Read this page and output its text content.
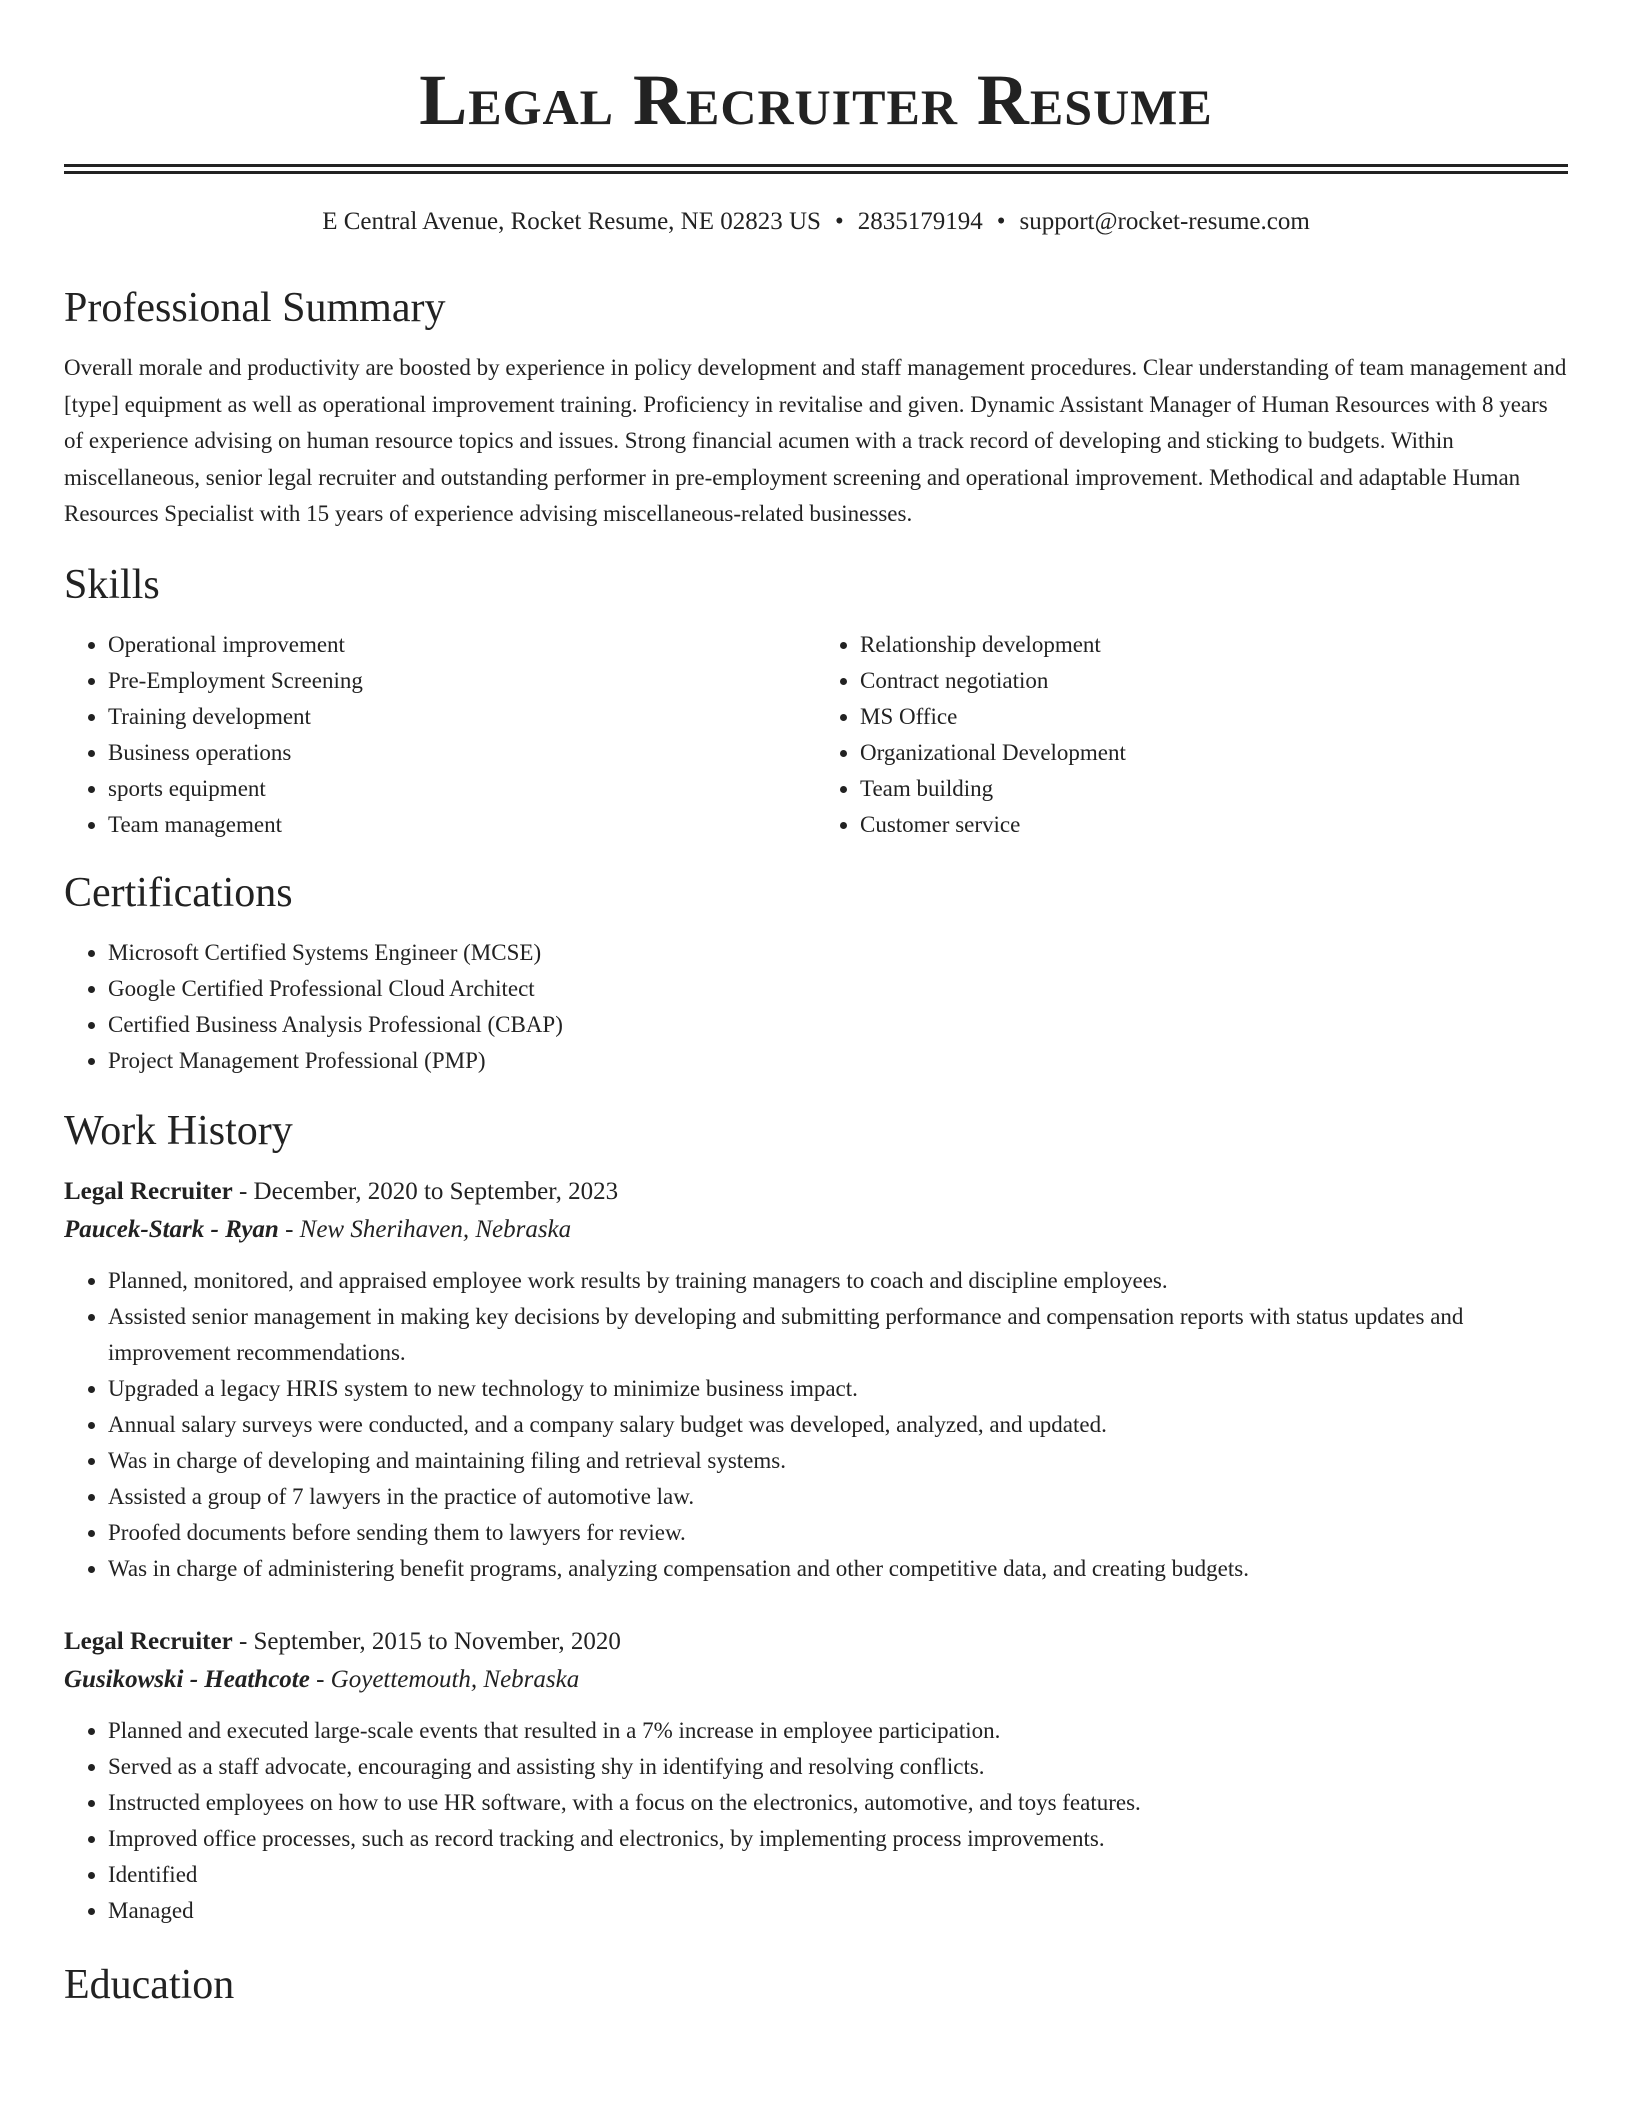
Legal Recruiter Resume
E Central Avenue, Rocket Resume, NE 02823 US • 2835179194 • support@rocket-resume.com
Professional Summary

Overall morale and productivity are boosted by experience in policy development and staff management procedures. Clear understanding of team management and [type] equipment as well as operational improvement training. Proficiency in revitalise and given. Dynamic Assistant Manager of Human Resources with 8 years of experience advising on human resource topics and issues. Strong financial acumen with a track record of developing and sticking to budgets. Within miscellaneous, senior legal recruiter and outstanding performer in pre-employment screening and operational improvement. Methodical and adaptable Human Resources Specialist with 15 years of experience advising miscellaneous-related businesses.

Skills
• Operational improvement
• Pre-Employment Screening
• Training development
• Business operations
• sports equipment
• Team management
• Relationship development
• Contract negotiation
• MS Office
• Organizational Development
• Team building
• Customer service
Certifications
• Microsoft Certified Systems Engineer (MCSE)
• Google Certified Professional Cloud Architect
• Certified Business Analysis Professional (CBAP)
• Project Management Professional (PMP)
Work History
Legal Recruiter - December, 2020 to September, 2023
Paucek-Stark - Ryan - New Sherihaven, Nebraska
• Planned, monitored, and appraised employee work results by training managers to coach and discipline employees.
• Assisted senior management in making key decisions by developing and submitting performance and compensation reports with status updates and improvement recommendations.
• Upgraded a legacy HRIS system to new technology to minimize business impact.
• Annual salary surveys were conducted, and a company salary budget was developed, analyzed, and updated.
• Was in charge of developing and maintaining filing and retrieval systems.
• Assisted a group of 7 lawyers in the practice of automotive law.
• Proofed documents before sending them to lawyers for review.
• Was in charge of administering benefit programs, analyzing compensation and other competitive data, and creating budgets.
Legal Recruiter - September, 2015 to November, 2020
Gusikowski - Heathcote - Goyettemouth, Nebraska
• Planned and executed large-scale events that resulted in a 7% increase in employee participation.
• Served as a staff advocate, encouraging and assisting shy in identifying and resolving conflicts.
• Instructed employees on how to use HR software, with a focus on the electronics, automotive, and toys features.
• Improved office processes, such as record tracking and electronics, by implementing process improvements.
• Identified
• Managed
Education
